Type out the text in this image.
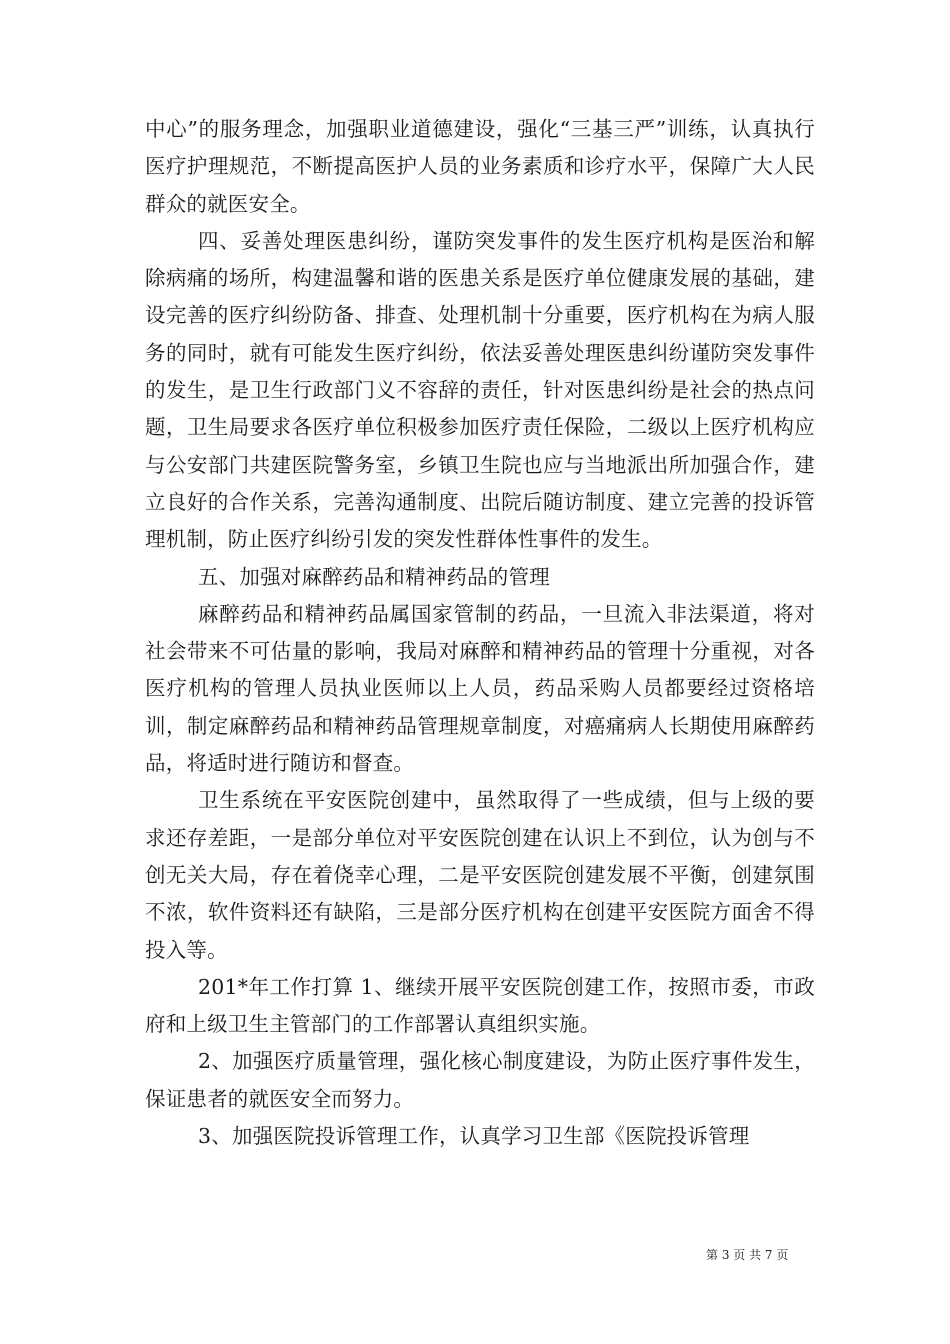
中心”的服务理念，加强职业道德建设，强化“三基三严”训练，认真执行医疗护理规范，不断提高医护人员的业务素质和诊疗水平，保障广大人民群众的就医安全。

四、妥善处理医患纠纷，谨防突发事件的发生医疗机构是医治和解除病痛的场所，构建温馨和谐的医患关系是医疗单位健康发展的基础，建设完善的医疗纠纷防备、排查、处理机制十分重要，医疗机构在为病人服务的同时，就有可能发生医疗纠纷，依法妥善处理医患纠纷谨防突发事件的发生，是卫生行政部门义不容辞的责任，针对医患纠纷是社会的热点问题，卫生局要求各医疗单位积极参加医疗责任保险，二级以上医疗机构应与公安部门共建医院警务室，乡镇卫生院也应与当地派出所加强合作，建立良好的合作关系，完善沟通制度、出院后随访制度、建立完善的投诉管理机制，防止医疗纠纷引发的突发性群体性事件的发生。

五、加强对麻醉药品和精神药品的管理

麻醉药品和精神药品属国家管制的药品，一旦流入非法渠道，将对社会带来不可估量的影响，我局对麻醉和精神药品的管理十分重视，对各医疗机构的管理人员执业医师以上人员，药品采购人员都要经过资格培训，制定麻醉药品和精神药品管理规章制度，对癌痛病人长期使用麻醉药品，将适时进行随访和督查。

卫生系统在平安医院创建中，虽然取得了一些成绩，但与上级的要求还存差距，一是部分单位对平安医院创建在认识上不到位，认为创与不创无关大局，存在着侥幸心理，二是平安医院创建发展不平衡，创建氛围不浓，软件资料还有缺陷，三是部分医疗机构在创建平安医院方面舍不得投入等。

201*年工作打算 1、继续开展平安医院创建工作，按照市委，市政府和上级卫生主管部门的工作部署认真组织实施。

2、加强医疗质量管理，强化核心制度建设，为防止医疗事件发生，保证患者的就医安全而努力。

3、加强医院投诉管理工作，认真学习卫生部《医院投诉管理

第 3 页 共 7 页
